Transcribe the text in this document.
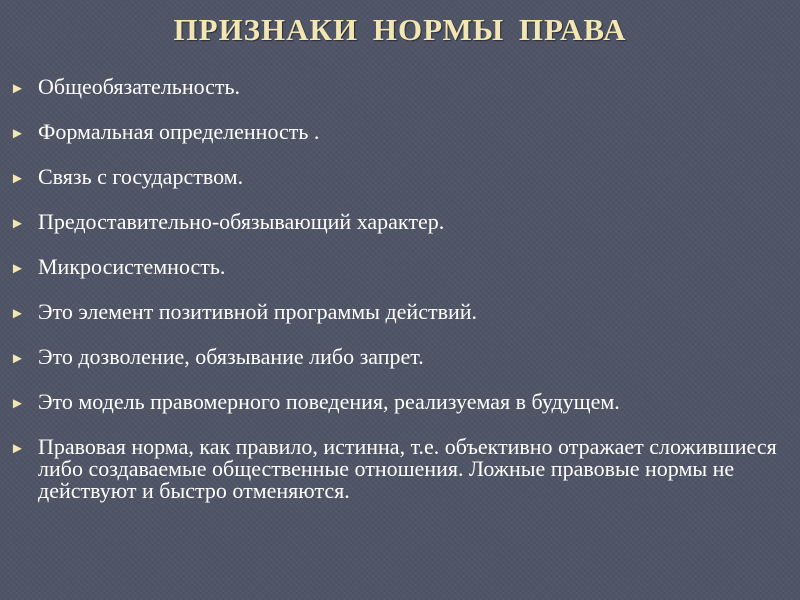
ПРИЗНАКИ НОРМЫ ПРАВА
► Общеобязательность.
► Формальная определенность .
► Связь с государством.
► Предоставительно-обязывающий характер.
► Микросистемность.
► Это элемент позитивной программы действий.
► Это дозволение, обязывание либо запрет.
► Это модель правомерного поведения, реализуемая в будущем.
► Правовая норма, как правило, истинна, т.е. объективно отражает сложившиеся либо создаваемые общественные отношения. Ложные правовые нормы не действуют и быстро отменяются.
